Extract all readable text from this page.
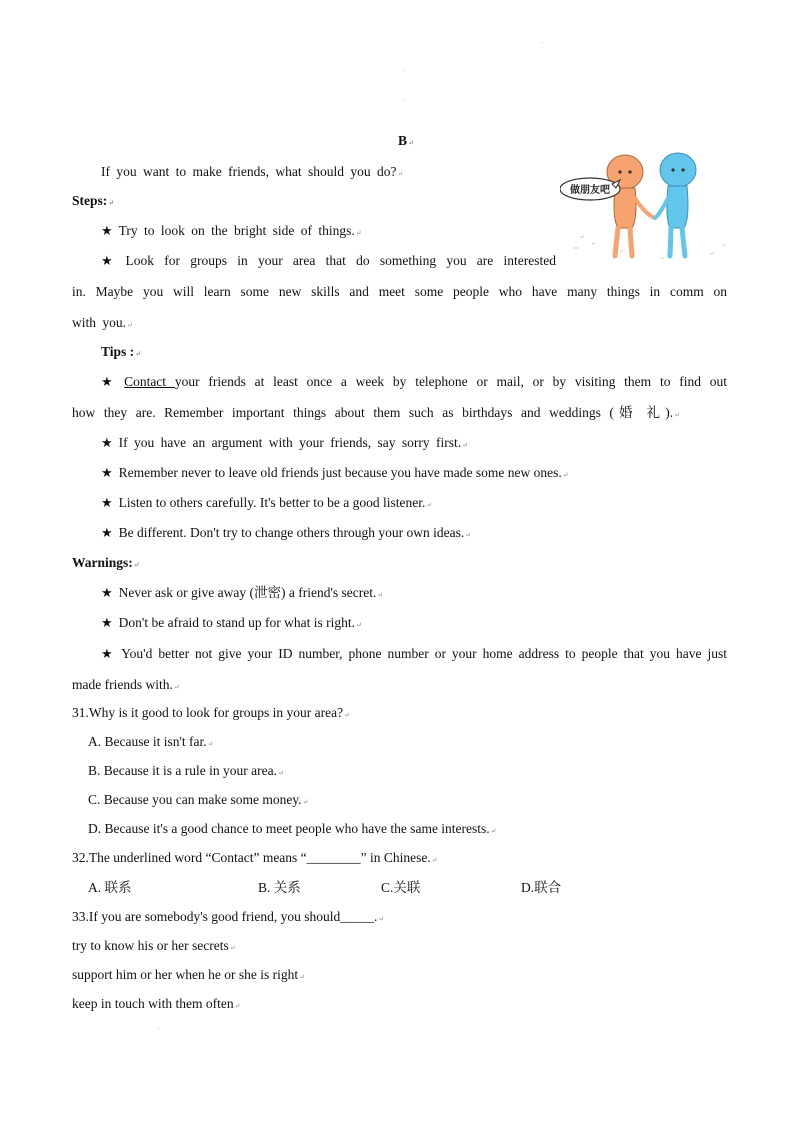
'
'
'
'
B↵
If you want to make friends, what should you do?↵
Steps:↵
★ Try to look on the bright side of things.↵
★ Look for groups in your area that do something you are interested
in. Maybe you will learn some new skills and meet some people who have many things in comm on
with you.↵
Tips :↵
★ Contact your friends at least once a week by telephone or mail, or by visiting them to find out
how they are. Remember important things about them such as birthdays and weddings (婚 礼).↵
★ If you have an argument with your friends, say sorry first.↵
★ Remember never to leave old friends just because you have made some new ones.↵
★ Listen to others carefully. It's better to be a good listener.↵
★ Be different. Don't try to change others through your own ideas.↵
Warnings:↵
★ Never ask or give away (泄密) a friend's secret.↵
★ Don't be afraid to stand up for what is right.↵
★ You'd better not give your ID number, phone number or your home address to people that you have just
made friends with.↵
31.Why is it good to look for groups in your area?↵
A. Because it isn't far.↵
B. Because it is a rule in your area.↵
C. Because you can make some money.↵
D. Because it's a good chance to meet people who have the same interests.↵
32.The underlined word “Contact” means “________” in Chinese.↵
A. 联系	B. 关系	C.关联	D.联合
33.If you are somebody's good friend, you should_____.↵
try to know his or her secrets↵
support him or her when he or she is right↵
keep in touch with them often↵
做朋友吧
